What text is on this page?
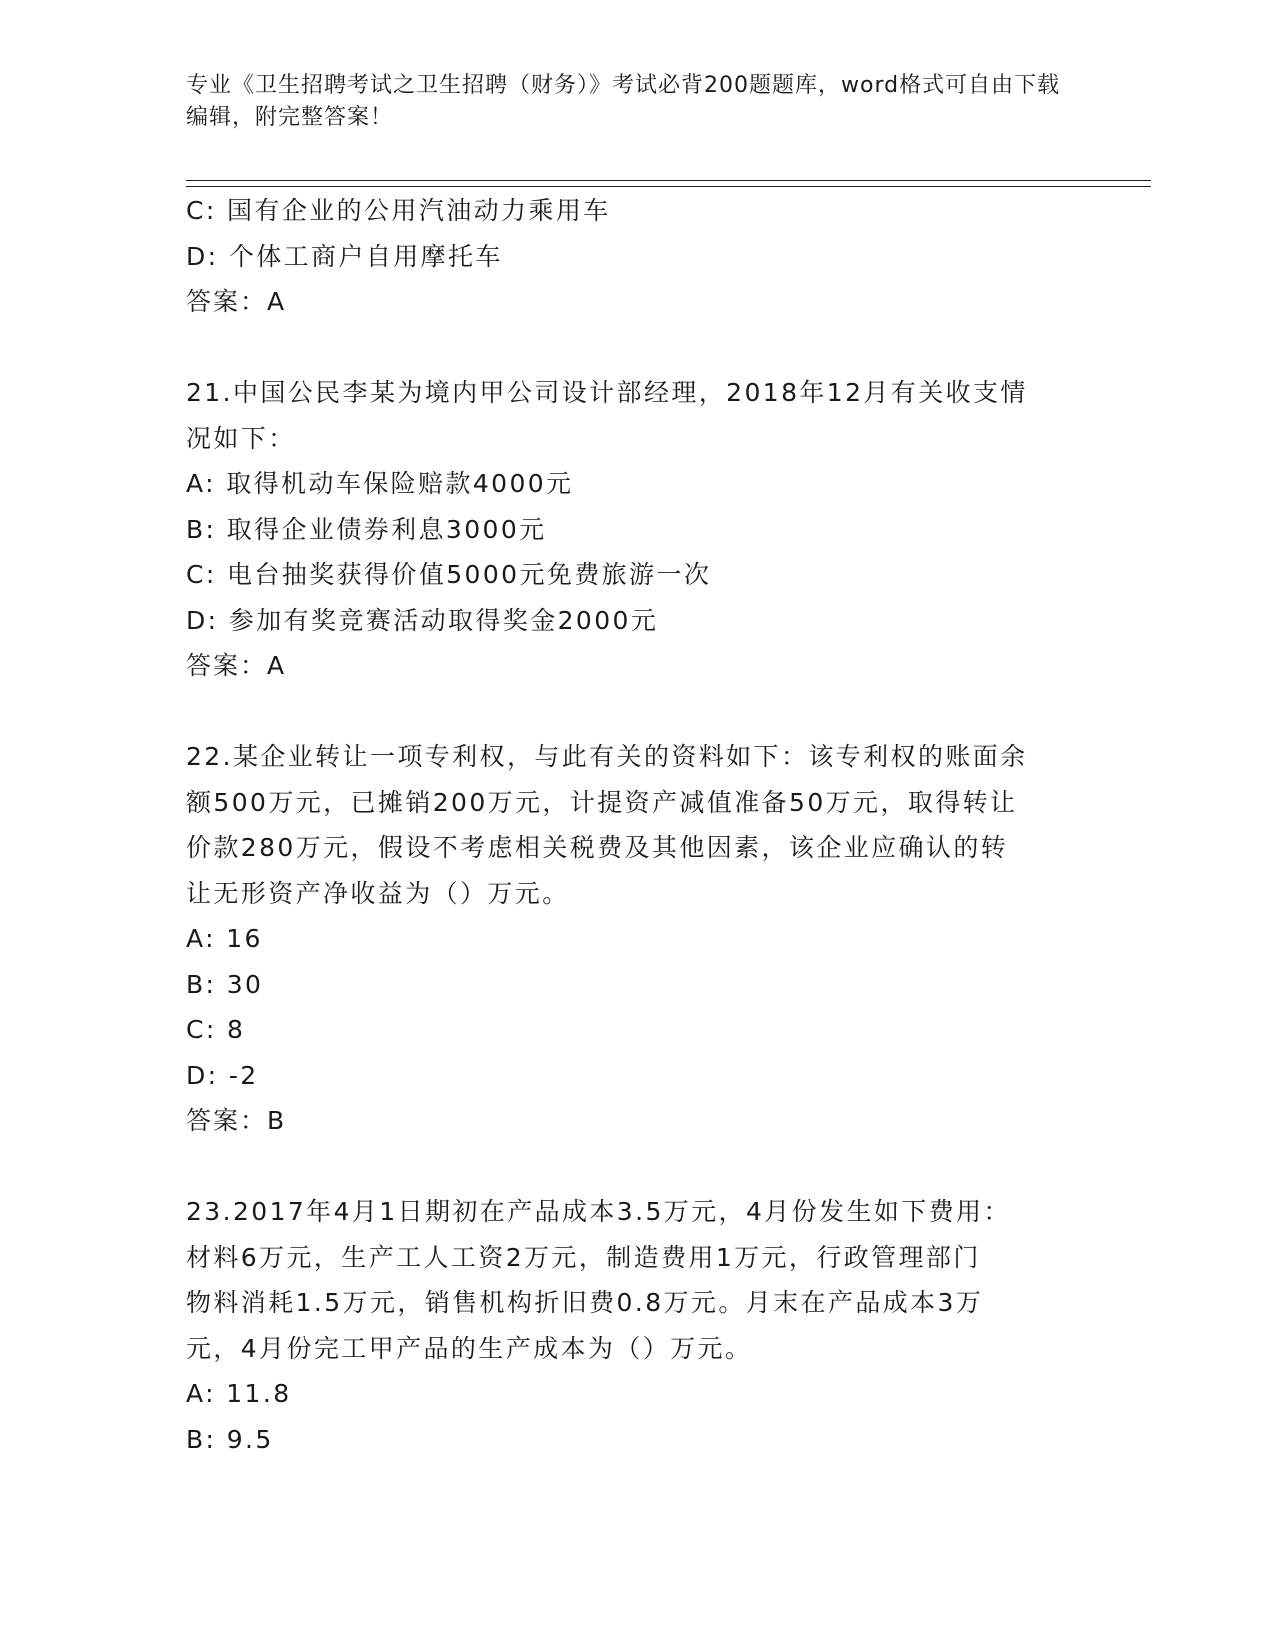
专业《卫生招聘考试之卫生招聘（财务）》考试必背200题题库，word格式可自由下载编辑，附完整答案！
C: 国有企业的公用汽油动力乘用车
D: 个体工商户自用摩托车
答案：A
21.中国公民李某为境内甲公司设计部经理，2018年12月有关收支情
况如下：
A: 取得机动车保险赔款4000元
B: 取得企业债券利息3000元
C: 电台抽奖获得价值5000元免费旅游一次
D: 参加有奖竞赛活动取得奖金2000元
答案：A
22.某企业转让一项专利权，与此有关的资料如下：该专利权的账面余
额500万元，已摊销200万元，计提资产减值准备50万元，取得转让
价款280万元，假设不考虑相关税费及其他因素，该企业应确认的转
让无形资产净收益为（）万元。
A: 16
B: 30
C: 8
D: -2
答案：B
23.2017年4月1日期初在产品成本3.5万元，4月份发生如下费用：
材料6万元，生产工人工资2万元，制造费用1万元，行政管理部门
物料消耗1.5万元，销售机构折旧费0.8万元。月末在产品成本3万
元，4月份完工甲产品的生产成本为（）万元。
A: 11.8
B: 9.5
